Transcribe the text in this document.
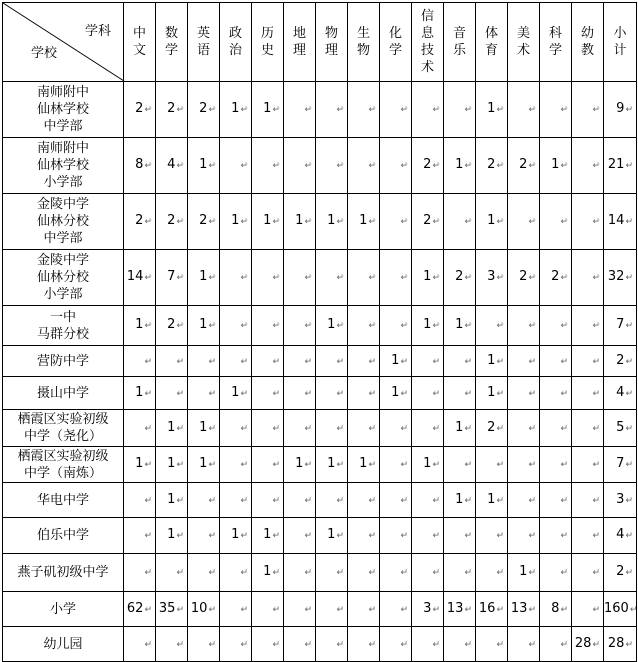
学科
学校	中文	数学	英语	政治	历史	地理	物理	生物	化学	信息技术	音乐	体育	美术	科学	幼教	小计

南师附中
仙林学校
中学部	2↵	2↵	2↵	1↵	1↵	↵	↵	↵	↵	↵	↵	1↵	↵	↵	↵	9↵

南师附中
仙林学校
小学部	8↵	4↵	1↵	↵	↵	↵	↵	↵	↵	2↵	1↵	2↵	2↵	1↵	↵	21↵

金陵中学
仙林分校
中学部	2↵	2↵	2↵	1↵	1↵	1↵	1↵	1↵	↵	2↵	↵	1↵	↵	↵	↵	14↵

金陵中学
仙林分校
小学部	14↵	7↵	1↵	↵	↵	↵	↵	↵	↵	1↵	2↵	3↵	2↵	2↵	↵	32↵

一中
马群分校	1↵	2↵	1↵	↵	↵	↵	1↵	↵	↵	1↵	1↵	↵	↵	↵	↵	7↵

营防中学	↵	↵	↵	↵	↵	↵	↵	↵	1↵	↵	↵	1↵	↵	↵	↵	2↵

摄山中学	1↵	↵	↵	1↵	↵	↵	↵	↵	1↵	↵	↵	1↵	↵	↵	↵	4↵

栖霞区实验初级
中学（尧化）	↵	1↵	1↵	↵	↵	↵	↵	↵	↵	↵	1↵	2↵	↵	↵	↵	5↵

栖霞区实验初级
中学（南炼）	1↵	1↵	1↵	↵	↵	1↵	1↵	1↵	↵	1↵	↵	↵	↵	↵	↵	7↵

华电中学	↵	1↵	↵	↵	↵	↵	↵	↵	↵	↵	1↵	1↵	↵	↵	↵	3↵

伯乐中学	↵	1↵	↵	1↵	1↵	↵	1↵	↵	↵	↵	↵	↵	↵	↵	↵	4↵

燕子矶初级中学	↵	↵	↵	↵	1↵	↵	↵	↵	↵	↵	↵	↵	1↵	↵	↵	2↵

小学	62↵	35↵	10↵	↵	↵	↵	↵	↵	↵	3↵	13↵	16↵	13↵	8↵	↵	160↵

幼儿园	↵	↵	↵	↵	↵	↵	↵	↵	↵	↵	↵	↵	↵	↵	28↵	28↵
